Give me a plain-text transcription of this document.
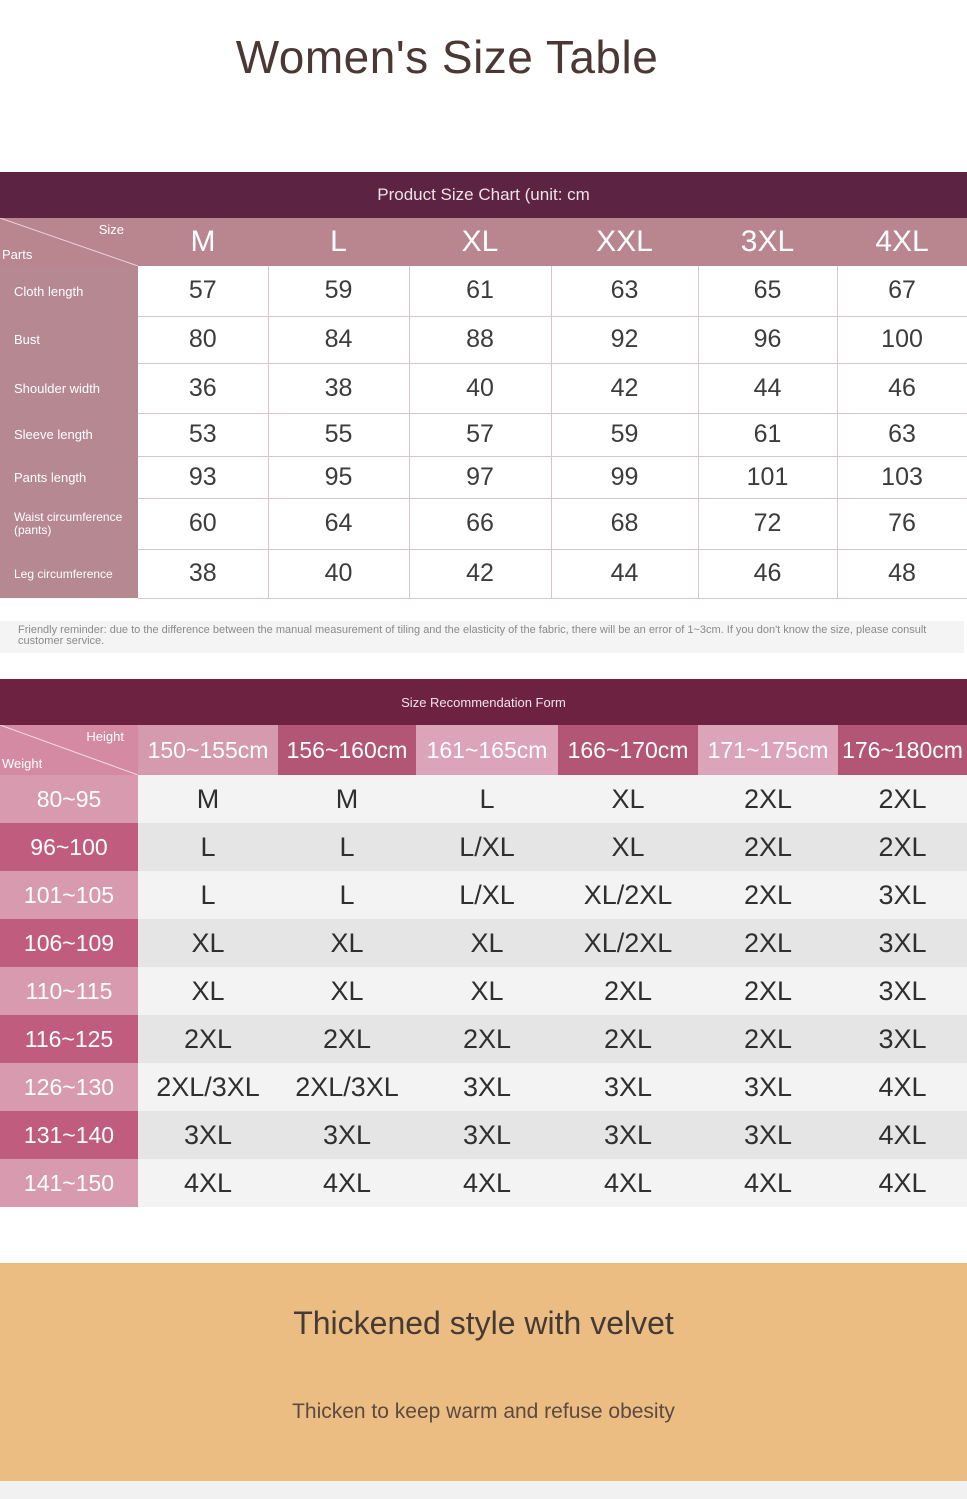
Women's Size Table
Product Size Chart (unit: cm						

Size
Parts	M	L	XL	XXL	3XL	4XL
Cloth length	57	59	61	63	65	67
Bust	80	84	88	92	96	100
Shoulder width	36	38	40	42	44	46
Sleeve length	53	55	57	59	61	63
Pants length	93	95	97	99	101	103
Waist circumference (pants)	60	64	66	68	72	76
Leg circumference	38	40	42	44	46	48
Friendly reminder: due to the difference between the manual measurement of tiling and the elasticity of the fabric, there will be an error of 1~3cm. If you don't know the size, please consult customer service.
Size Recommendation Form						

Height
Weight	150~155cm	156~160cm	161~165cm	166~170cm	171~175cm	176~180cm
80~95	M	M	L	XL	2XL	2XL
96~100	L	L	L/XL	XL	2XL	2XL
101~105	L	L	L/XL	XL/2XL	2XL	3XL
106~109	XL	XL	XL	XL/2XL	2XL	3XL
110~115	XL	XL	XL	2XL	2XL	3XL
116~125	2XL	2XL	2XL	2XL	2XL	3XL
126~130	2XL/3XL	2XL/3XL	3XL	3XL	3XL	4XL
131~140	3XL	3XL	3XL	3XL	3XL	4XL
141~150	4XL	4XL	4XL	4XL	4XL	4XL
Thickened style with velvet
Thicken to keep warm and refuse obesity
